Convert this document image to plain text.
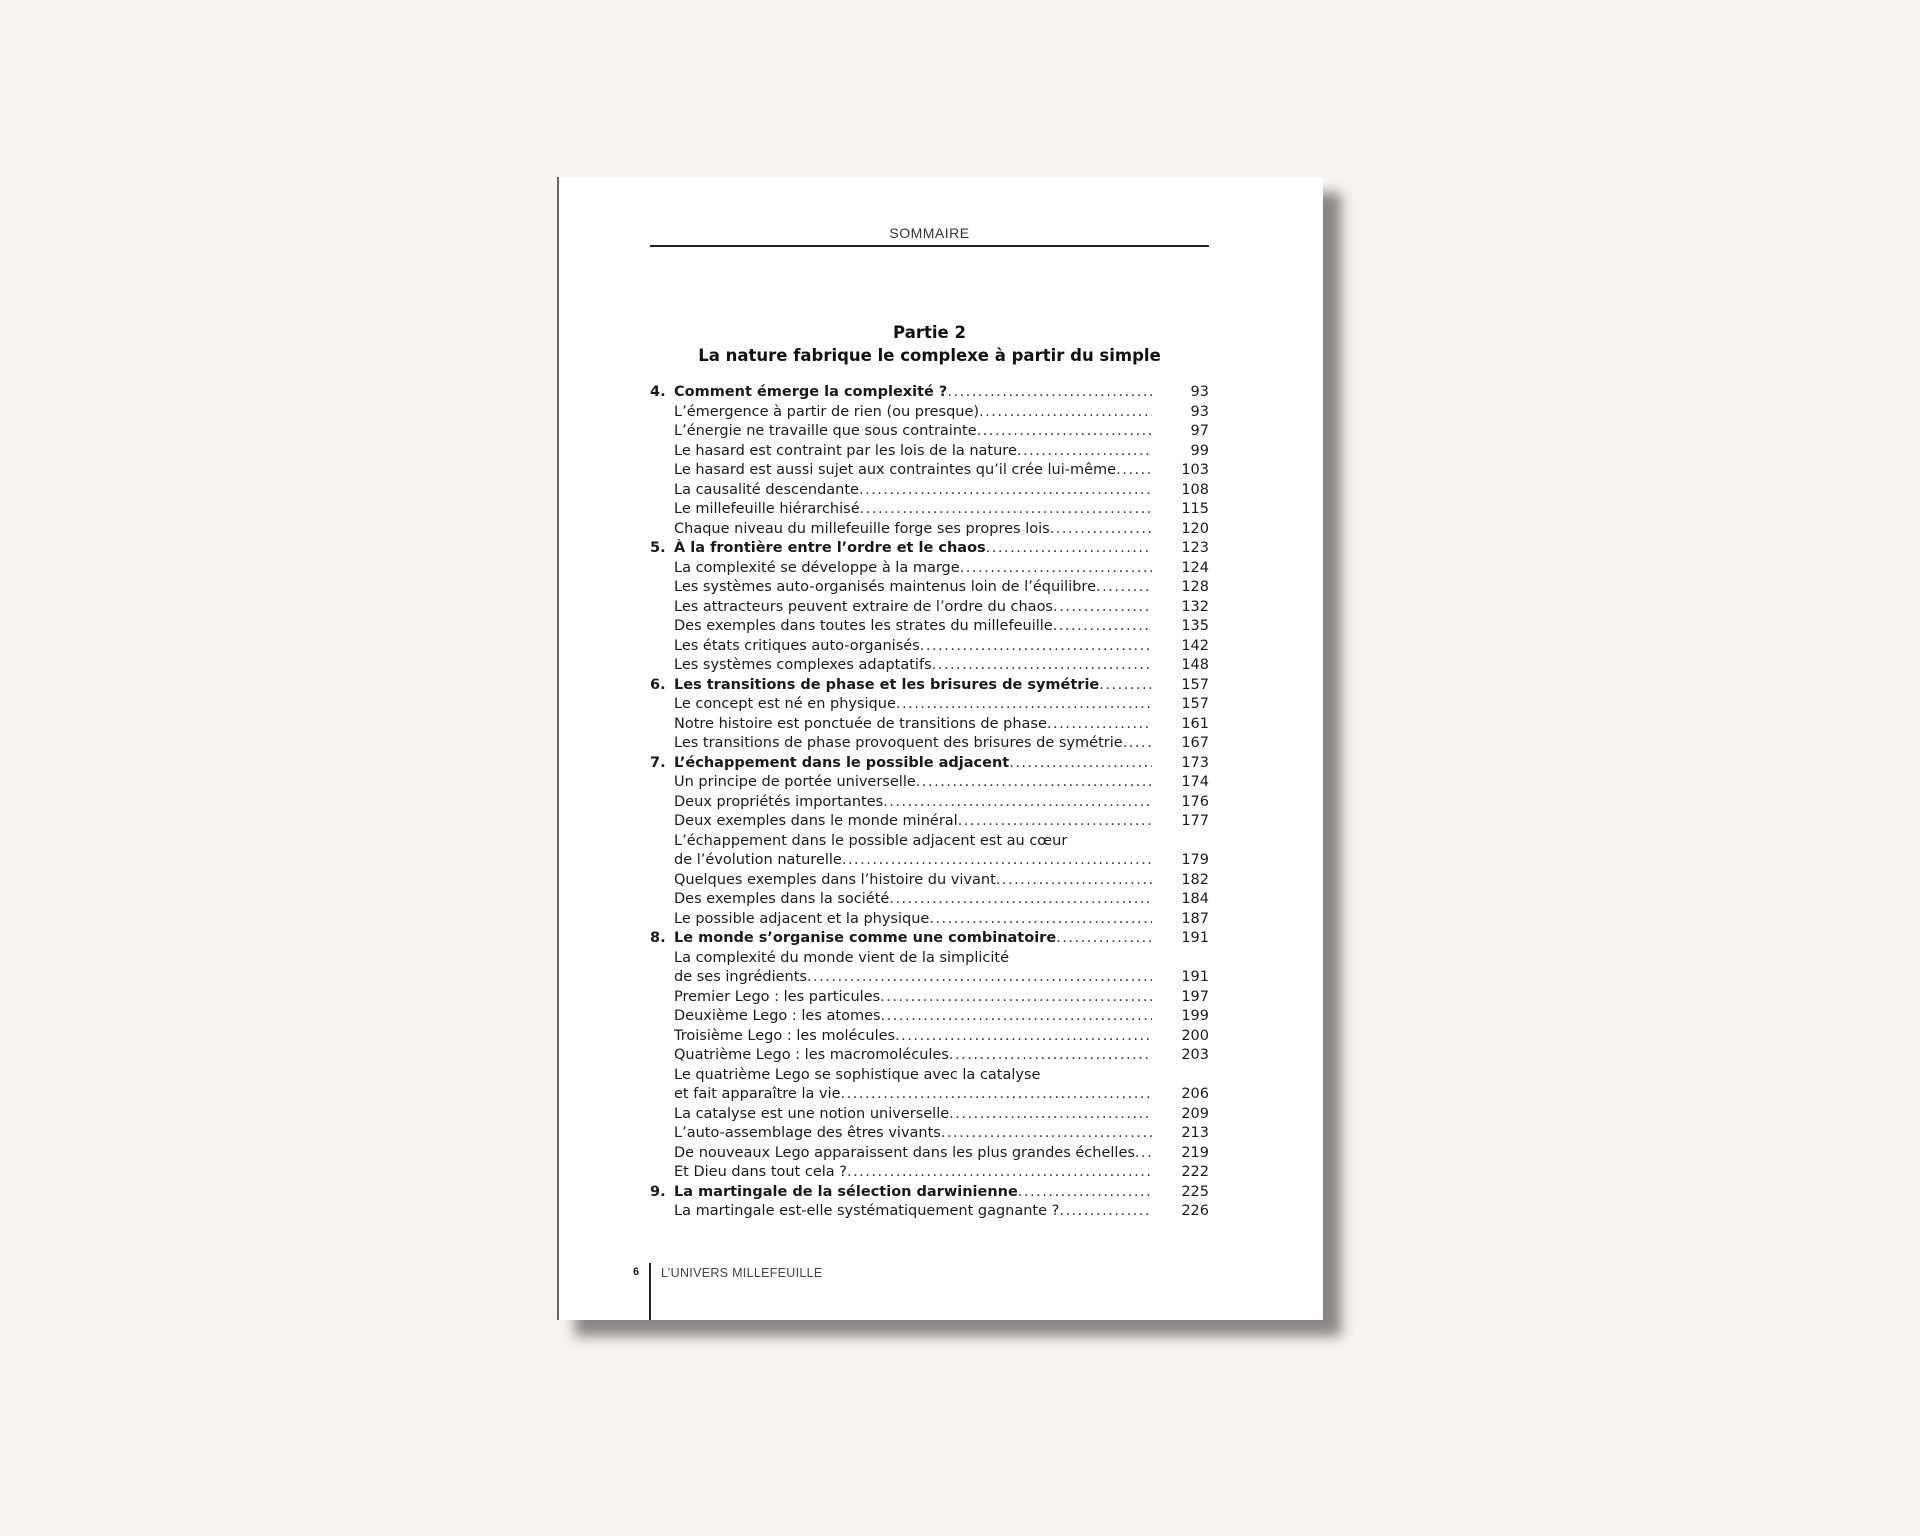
SOMMAIRE
Partie 2
La nature fabrique le complexe à partir du simple
4. Comment émerge la complexité ? .....	93
L’émergence à partir de rien (ou presque) .....	93
L’énergie ne travaille que sous contrainte .....	97
Le hasard est contraint par les lois de la nature .....	99
Le hasard est aussi sujet aux contraintes qu’il crée lui-même .....	103
La causalité descendante .....	108
Le millefeuille hiérarchisé .....	115
Chaque niveau du millefeuille forge ses propres lois .....	120
5. À la frontière entre l’ordre et le chaos .....	123
La complexité se développe à la marge .....	124
Les systèmes auto-organisés maintenus loin de l’équilibre .....	128
Les attracteurs peuvent extraire de l’ordre du chaos .....	132
Des exemples dans toutes les strates du millefeuille .....	135
Les états critiques auto-organisés .....	142
Les systèmes complexes adaptatifs .....	148
6. Les transitions de phase et les brisures de symétrie .....	157
Le concept est né en physique .....	157
Notre histoire est ponctuée de transitions de phase .....	161
Les transitions de phase provoquent des brisures de symétrie .....	167
7. L’échappement dans le possible adjacent .....	173
Un principe de portée universelle .....	174
Deux propriétés importantes .....	176
Deux exemples dans le monde minéral .....	177
L’échappement dans le possible adjacent est au cœur
de l’évolution naturelle .....	179
Quelques exemples dans l’histoire du vivant .....	182
Des exemples dans la société .....	184
Le possible adjacent et la physique .....	187
8. Le monde s’organise comme une combinatoire .....	191
La complexité du monde vient de la simplicité
de ses ingrédients .....	191
Premier Lego : les particules .....	197
Deuxième Lego : les atomes .....	199
Troisième Lego : les molécules .....	200
Quatrième Lego : les macromolécules .....	203
Le quatrième Lego se sophistique avec la catalyse
et fait apparaître la vie .....	206
La catalyse est une notion universelle .....	209
L’auto-assemblage des êtres vivants .....	213
De nouveaux Lego apparaissent dans les plus grandes échelles .....	219
Et Dieu dans tout cela ? .....	222
9. La martingale de la sélection darwinienne .....	225
La martingale est-elle systématiquement gagnante ? .....	226
6 L’UNIVERS MILLEFEUILLE
